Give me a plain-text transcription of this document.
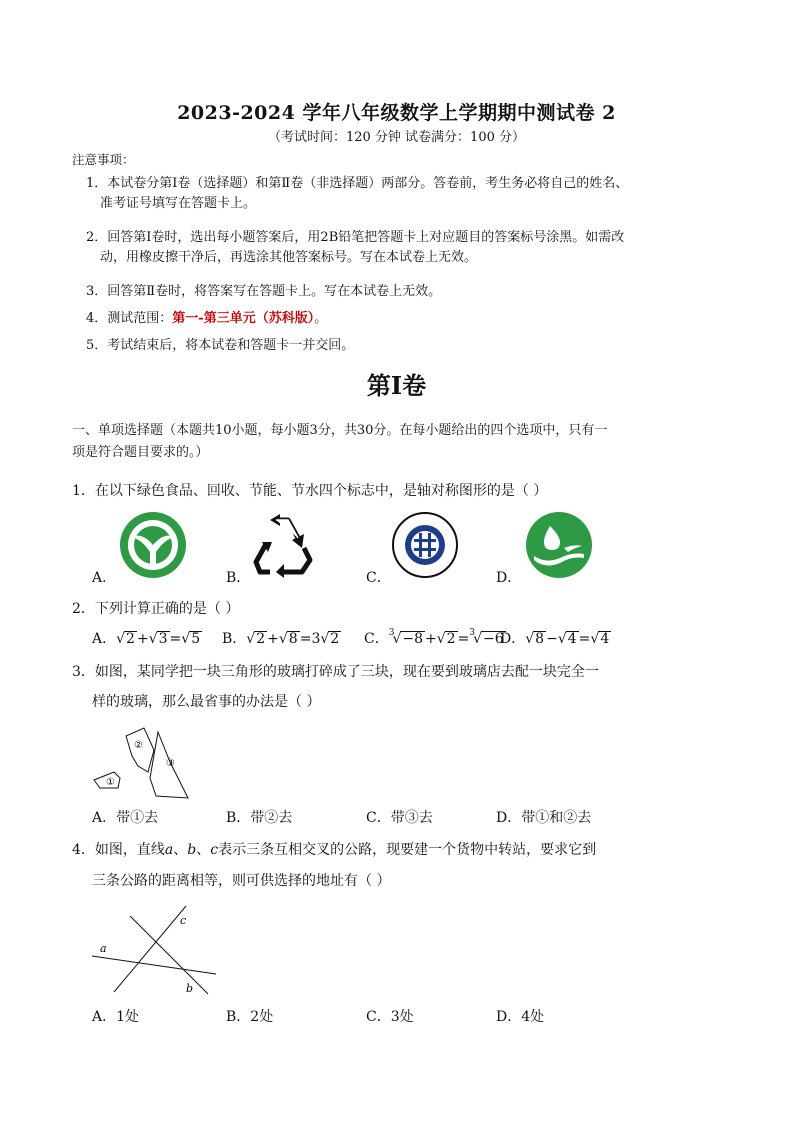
2023-2024 学年八年级数学上学期期中测试卷 2
（考试时间：120 分钟 试卷满分：100 分）
注意事项：
1．本试卷分第Ⅰ卷（选择题）和第Ⅱ卷（非选择题）两部分。答卷前，考生务必将自己的姓名、
准考证号填写在答题卡上。
2．回答第Ⅰ卷时，选出每小题答案后，用2B铅笔把答题卡上对应题目的答案标号涂黑。如需改
动，用橡皮擦干净后，再选涂其他答案标号。写在本试卷上无效。
3．回答第Ⅱ卷时，将答案写在答题卡上。写在本试卷上无效。
4．测试范围：第一-第三单元（苏科版）。
5．考试结束后，将本试卷和答题卡一并交回。
第Ⅰ卷
一、单项选择题（本题共10小题，每小题3分，共30分。在每小题给出的四个选项中，只有一
项是符合题目要求的。）
1．在以下绿色食品、回收、节能、节水四个标志中，是轴对称图形的是（ ）
A．	B．	C．	D．
2．下列计算正确的是（ ）
A．√2 +√3 =√5 B．√2 +√8 =3√2 C．$^3$√−8 +√2 =$^3$√−6
D．√8 −√4 =√4
3．如图，某同学把一块三角形的玻璃打碎成了三块，现在要到玻璃店去配一块完全一
样的玻璃，那么最省事的办法是（ ）
①
②
③
A．带①去	B．带②去	C．带③去	D．带①和②去
4．如图，直线a、b、c表示三条互相交叉的公路，现要建一个货物中转站，要求它到
三条公路的距离相等，则可供选择的地址有（ ）
a
b
c
A．1处	B．2处	C．3处	D．4处
